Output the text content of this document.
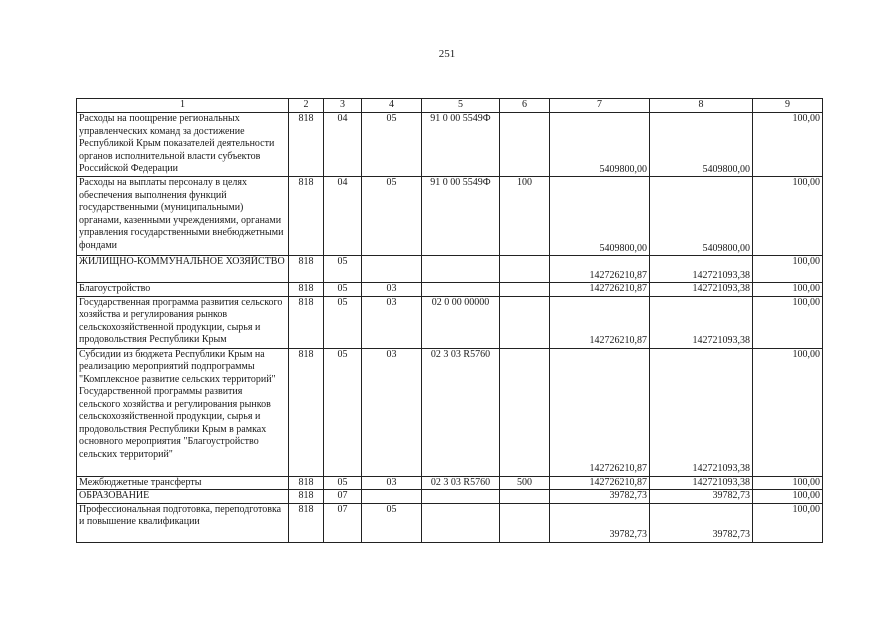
251
1	2	3	4	5	6	7	8	9
Расходы на поощрение региональных управленческих команд за достижение Республикой Крым показателей деятельности органов исполнительной власти субъектов Российской Федерации	818	04	05	91 0 00 5549Ф		5409800,00	5409800,00	100,00
Расходы на выплаты персоналу в целях обеспечения выполнения функций государственными (муниципальными) органами, казенными учреждениями, органами управления государственными внебюджетными фондами	818	04	05	91 0 00 5549Ф	100	5409800,00	5409800,00	100,00
ЖИЛИЩНО-КОММУНАЛЬНОЕ ХОЗЯЙСТВО	818	05				142726210,87	142721093,38	100,00
Благоустройство	818	05	03			142726210,87	142721093,38	100,00
Государственная программа развития сельского хозяйства и регулирования рынков сельскохозяйственной продукции, сырья и продовольствия Республики Крым	818	05	03	02 0 00 00000		142726210,87	142721093,38	100,00
Субсидии из бюджета Республики Крым на реализацию мероприятий подпрограммы "Комплексное развитие сельских территорий" Государственной программы развития сельского хозяйства и регулирования рынков сельскохозяйственной продукции, сырья и продовольствия Республики Крым в рамках основного мероприятия "Благоустройство сельских территорий"	818	05	03	02 3 03 R5760		142726210,87	142721093,38	100,00
Межбюджетные трансферты	818	05	03	02 3 03 R5760	500	142726210,87	142721093,38	100,00
ОБРАЗОВАНИЕ	818	07				39782,73	39782,73	100,00
Профессиональная подготовка, переподготовка и повышение квалификации	818	07	05			39782,73	39782,73	100,00
